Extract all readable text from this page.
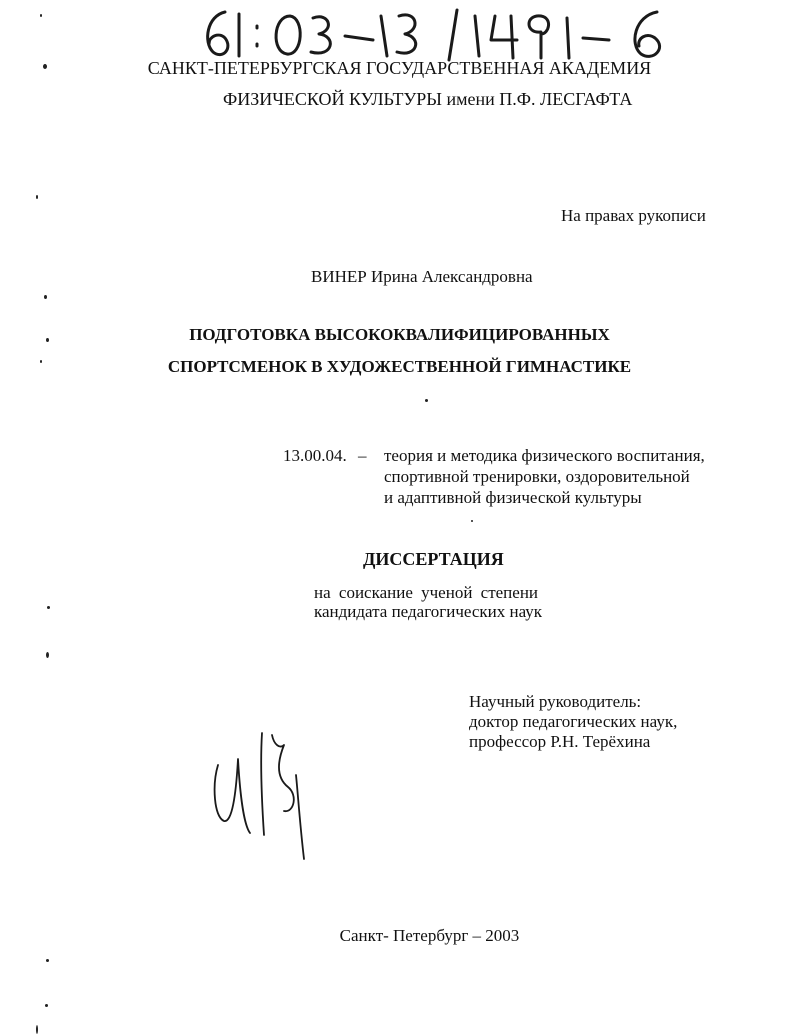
САНКТ-ПЕТЕРБУРГСКАЯ ГОСУДАРСТВЕННАЯ АКАДЕМИЯ
ФИЗИЧЕСКОЙ КУЛЬТУРЫ имени П.Ф. ЛЕСГАФТА
На правах рукописи
ВИНЕР Ирина Александровна
ПОДГОТОВКА ВЫСОКОКВАЛИФИЦИРОВАННЫХ
СПОРТСМЕНОК В ХУДОЖЕСТВЕННОЙ ГИМНАСТИКЕ
13.00.04. – теория и методика физического воспитания,
спортивной тренировки, оздоровительной
и адаптивной физической культуры
ДИССЕРТАЦИЯ
на соискание ученой степени
кандидата педагогических наук
Научный руководитель:
доктор педагогических наук,
профессор Р.Н. Терёхина
Санкт- Петербург – 2003
